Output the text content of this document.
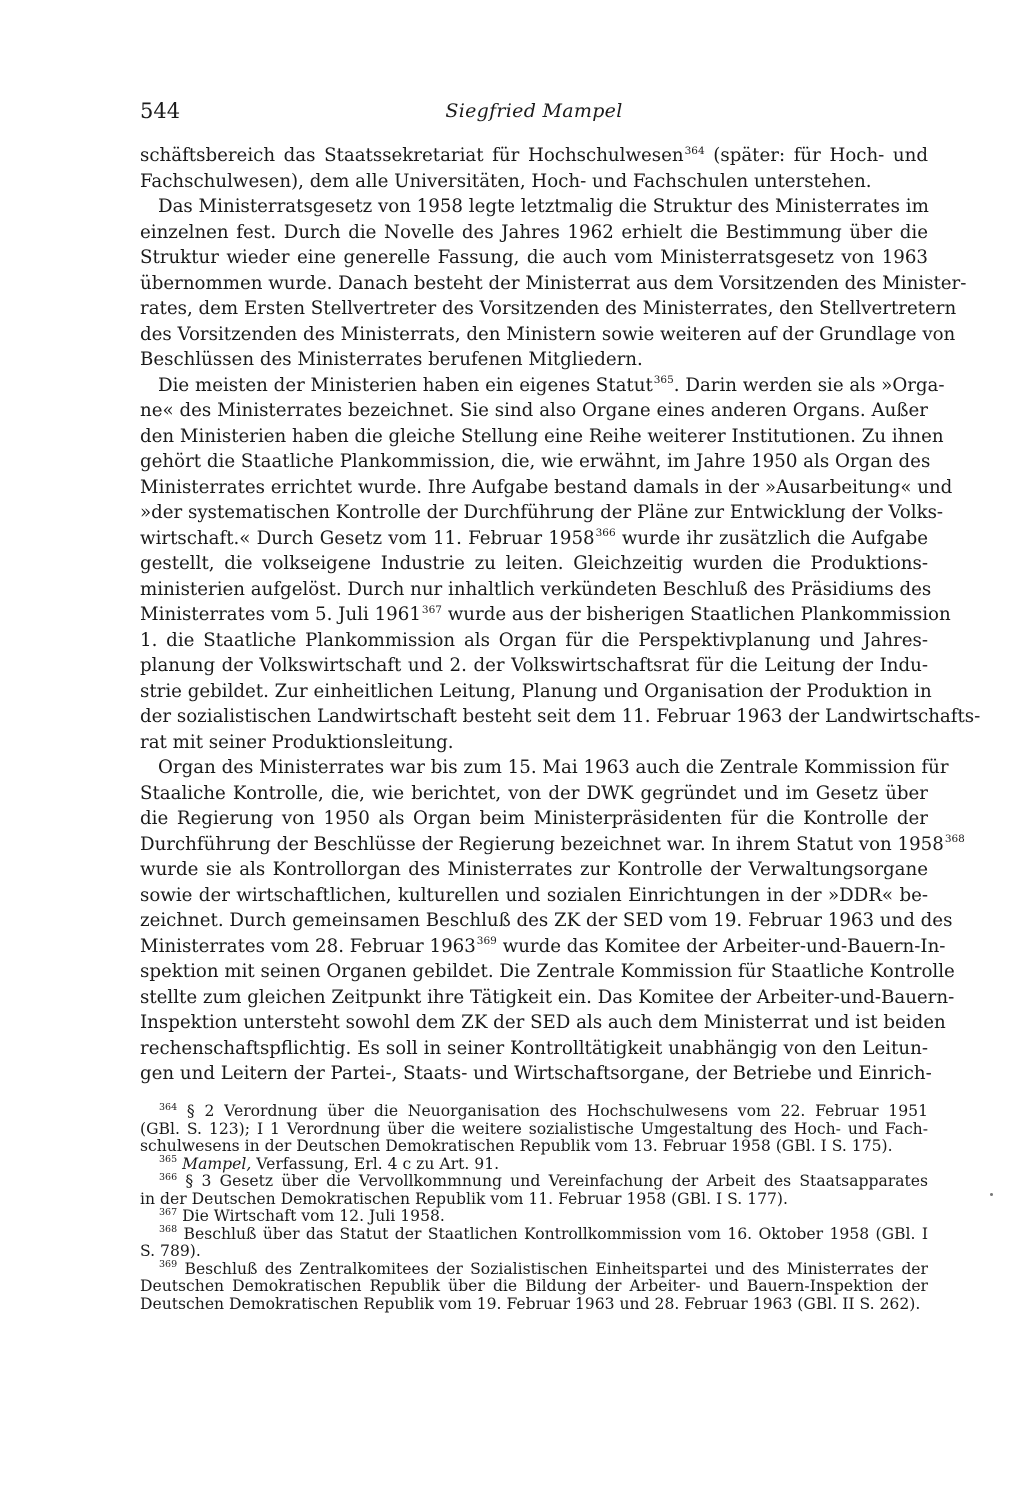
544	Siegfried Mampel
schäftsbereich das Staatssekretariat für Hochschulwesen$^{364}$ (später: für Hoch- und
Fachschulwesen), dem alle Universitäten, Hoch- und Fachschulen unterstehen.
Das Ministerratsgesetz von 1958 legte letztmalig die Struktur des Ministerrates im
einzelnen fest. Durch die Novelle des Jahres 1962 erhielt die Bestimmung über die
Struktur wieder eine generelle Fassung, die auch vom Ministerratsgesetz von 1963
übernommen wurde. Danach besteht der Ministerrat aus dem Vorsitzenden des Minister-
rates, dem Ersten Stellvertreter des Vorsitzenden des Ministerrates, den Stellvertretern
des Vorsitzenden des Ministerrats, den Ministern sowie weiteren auf der Grundlage von
Beschlüssen des Ministerrates berufenen Mitgliedern.
Die meisten der Ministerien haben ein eigenes Statut$^{365}$. Darin werden sie als »Orga-
ne« des Ministerrates bezeichnet. Sie sind also Organe eines anderen Organs. Außer
den Ministerien haben die gleiche Stellung eine Reihe weiterer Institutionen. Zu ihnen
gehört die Staatliche Plankommission, die, wie erwähnt, im Jahre 1950 als Organ des
Ministerrates errichtet wurde. Ihre Aufgabe bestand damals in der »Ausarbeitung« und
»der systematischen Kontrolle der Durchführung der Pläne zur Entwicklung der Volks-
wirtschaft.« Durch Gesetz vom 11. Februar 1958$^{366}$ wurde ihr zusätzlich die Aufgabe
gestellt, die volkseigene Industrie zu leiten. Gleichzeitig wurden die Produktions-
ministerien aufgelöst. Durch nur inhaltlich verkündeten Beschluß des Präsidiums des
Ministerrates vom 5. Juli 1961$^{367}$ wurde aus der bisherigen Staatlichen Plankommission
1. die Staatliche Plankommission als Organ für die Perspektivplanung und Jahres-
planung der Volkswirtschaft und 2. der Volkswirtschaftsrat für die Leitung der Indu-
strie gebildet. Zur einheitlichen Leitung, Planung und Organisation der Produktion in
der sozialistischen Landwirtschaft besteht seit dem 11. Februar 1963 der Landwirtschafts-
rat mit seiner Produktionsleitung.
Organ des Ministerrates war bis zum 15. Mai 1963 auch die Zentrale Kommission für
Staaliche Kontrolle, die, wie berichtet, von der DWK gegründet und im Gesetz über
die Regierung von 1950 als Organ beim Ministerpräsidenten für die Kontrolle der
Durchführung der Beschlüsse der Regierung bezeichnet war. In ihrem Statut von 1958$^{368}$
wurde sie als Kontrollorgan des Ministerrates zur Kontrolle der Verwaltungsorgane
sowie der wirtschaftlichen, kulturellen und sozialen Einrichtungen in der »DDR« be-
zeichnet. Durch gemeinsamen Beschluß des ZK der SED vom 19. Februar 1963 und des
Ministerrates vom 28. Februar 1963$^{369}$ wurde das Komitee der Arbeiter-und-Bauern-In-
spektion mit seinen Organen gebildet. Die Zentrale Kommission für Staatliche Kontrolle
stellte zum gleichen Zeitpunkt ihre Tätigkeit ein. Das Komitee der Arbeiter-und-Bauern-
Inspektion untersteht sowohl dem ZK der SED als auch dem Ministerrat und ist beiden
rechenschaftspflichtig. Es soll in seiner Kontrolltätigkeit unabhängig von den Leitun-
gen und Leitern der Partei-, Staats- und Wirtschaftsorgane, der Betriebe und Einrich-
$^{364}$ § 2 Verordnung über die Neuorganisation des Hochschulwesens vom 22. Februar 1951
(GBl. S. 123); I 1 Verordnung über die weitere sozialistische Umgestaltung des Hoch- und Fach-
schulwesens in der Deutschen Demokratischen Republik vom 13. Februar 1958 (GBl. I S. 175).
$^{365}$ Mampel, Verfassung, Erl. 4 c zu Art. 91.
$^{366}$ § 3 Gesetz über die Vervollkommnung und Vereinfachung der Arbeit des Staatsapparates
in der Deutschen Demokratischen Republik vom 11. Februar 1958 (GBl. I S. 177).
$^{367}$ Die Wirtschaft vom 12. Juli 1958.
$^{368}$ Beschluß über das Statut der Staatlichen Kontrollkommission vom 16. Oktober 1958 (GBl. I
S. 789).
$^{369}$ Beschluß des Zentralkomitees der Sozialistischen Einheitspartei und des Ministerrates der
Deutschen Demokratischen Republik über die Bildung der Arbeiter- und Bauern-Inspektion der
Deutschen Demokratischen Republik vom 19. Februar 1963 und 28. Februar 1963 (GBl. II S. 262).
